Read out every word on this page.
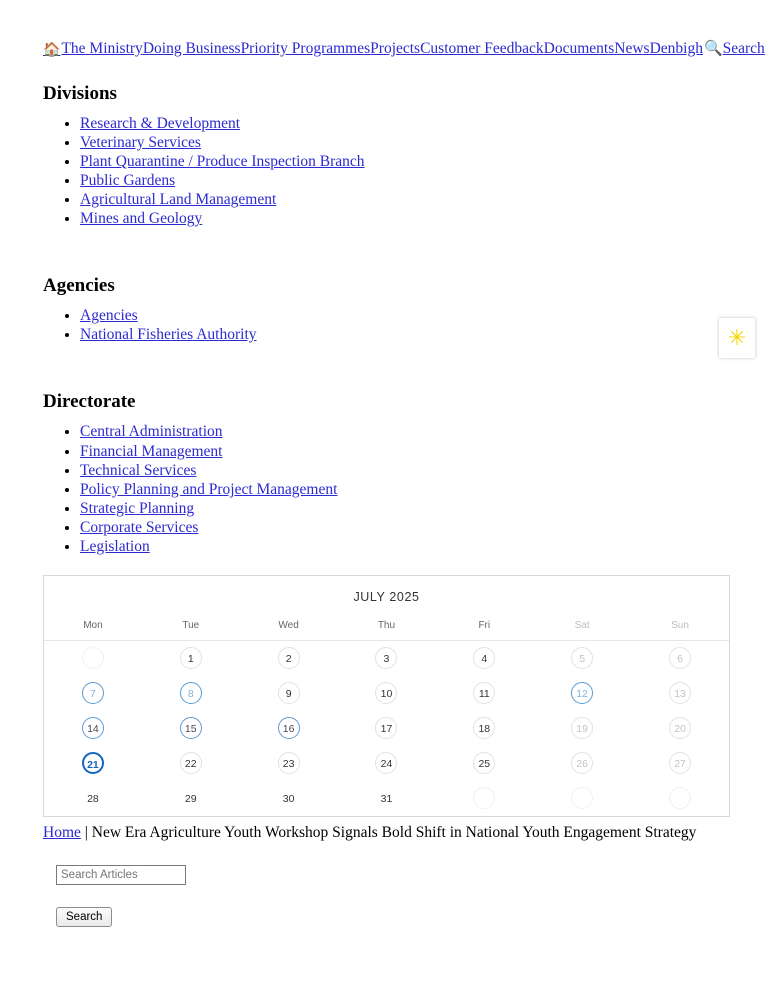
🏠The MinistryDoing BusinessPriority ProgrammesProjectsCustomer FeedbackDocumentsNewsDenbigh🔍Search
Divisions
• Research & Development
• Veterinary Services
• Plant Quarantine / Produce Inspection Branch
• Public Gardens
• Agricultural Land Management
• Mines and Geology
Agencies
• Agencies
• National Fisheries Authority	✳
Directorate
• Central Administration
• Financial Management
• Technical Services
• Policy Planning and Project Management
• Strategic Planning
• Corporate Services
• Legislation
JULY 2025
Mon	Tue	Wed	Thu	Fri	Sat	Sun

	1	2	3	4	5	6

7	8	9	10	11	12	13

14	15	16	17	18	19	20

21	22	23	24	25	26	27

28	29	30	31			

Home | New Era Agriculture Youth Workshop Signals Bold Shift in National Youth Engagement Strategy
Search Articles
Search
